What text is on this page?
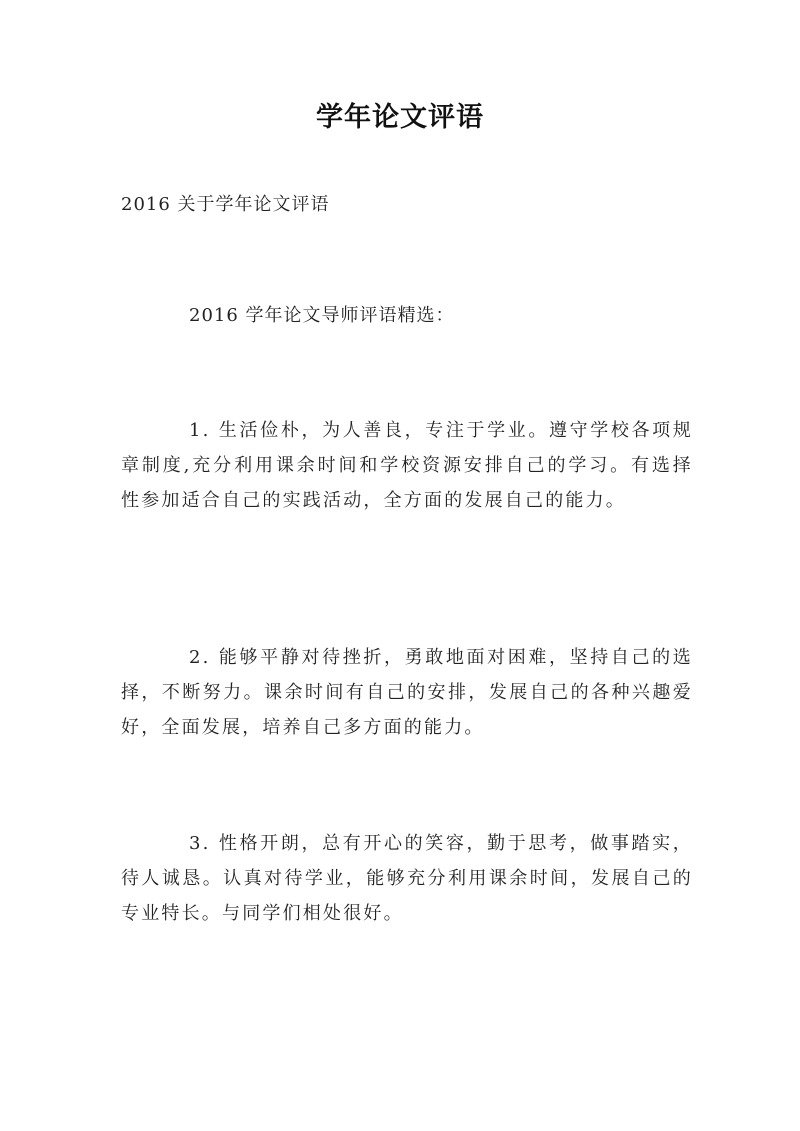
学年论文评语
2016 关于学年论文评语
2016 学年论文导师评语精选：

1. 生活俭朴，为人善良，专注于学业。遵守学校各项规章制度,充分利用课余时间和学校资源安排自己的学习。有选择性参加适合自己的实践活动，全方面的发展自己的能力。

2. 能够平静对待挫折，勇敢地面对困难，坚持自己的选择，不断努力。课余时间有自己的安排，发展自己的各种兴趣爱好，全面发展，培养自己多方面的能力。

3. 性格开朗，总有开心的笑容，勤于思考，做事踏实，待人诚恳。认真对待学业，能够充分利用课余时间，发展自己的专业特长。与同学们相处很好。
